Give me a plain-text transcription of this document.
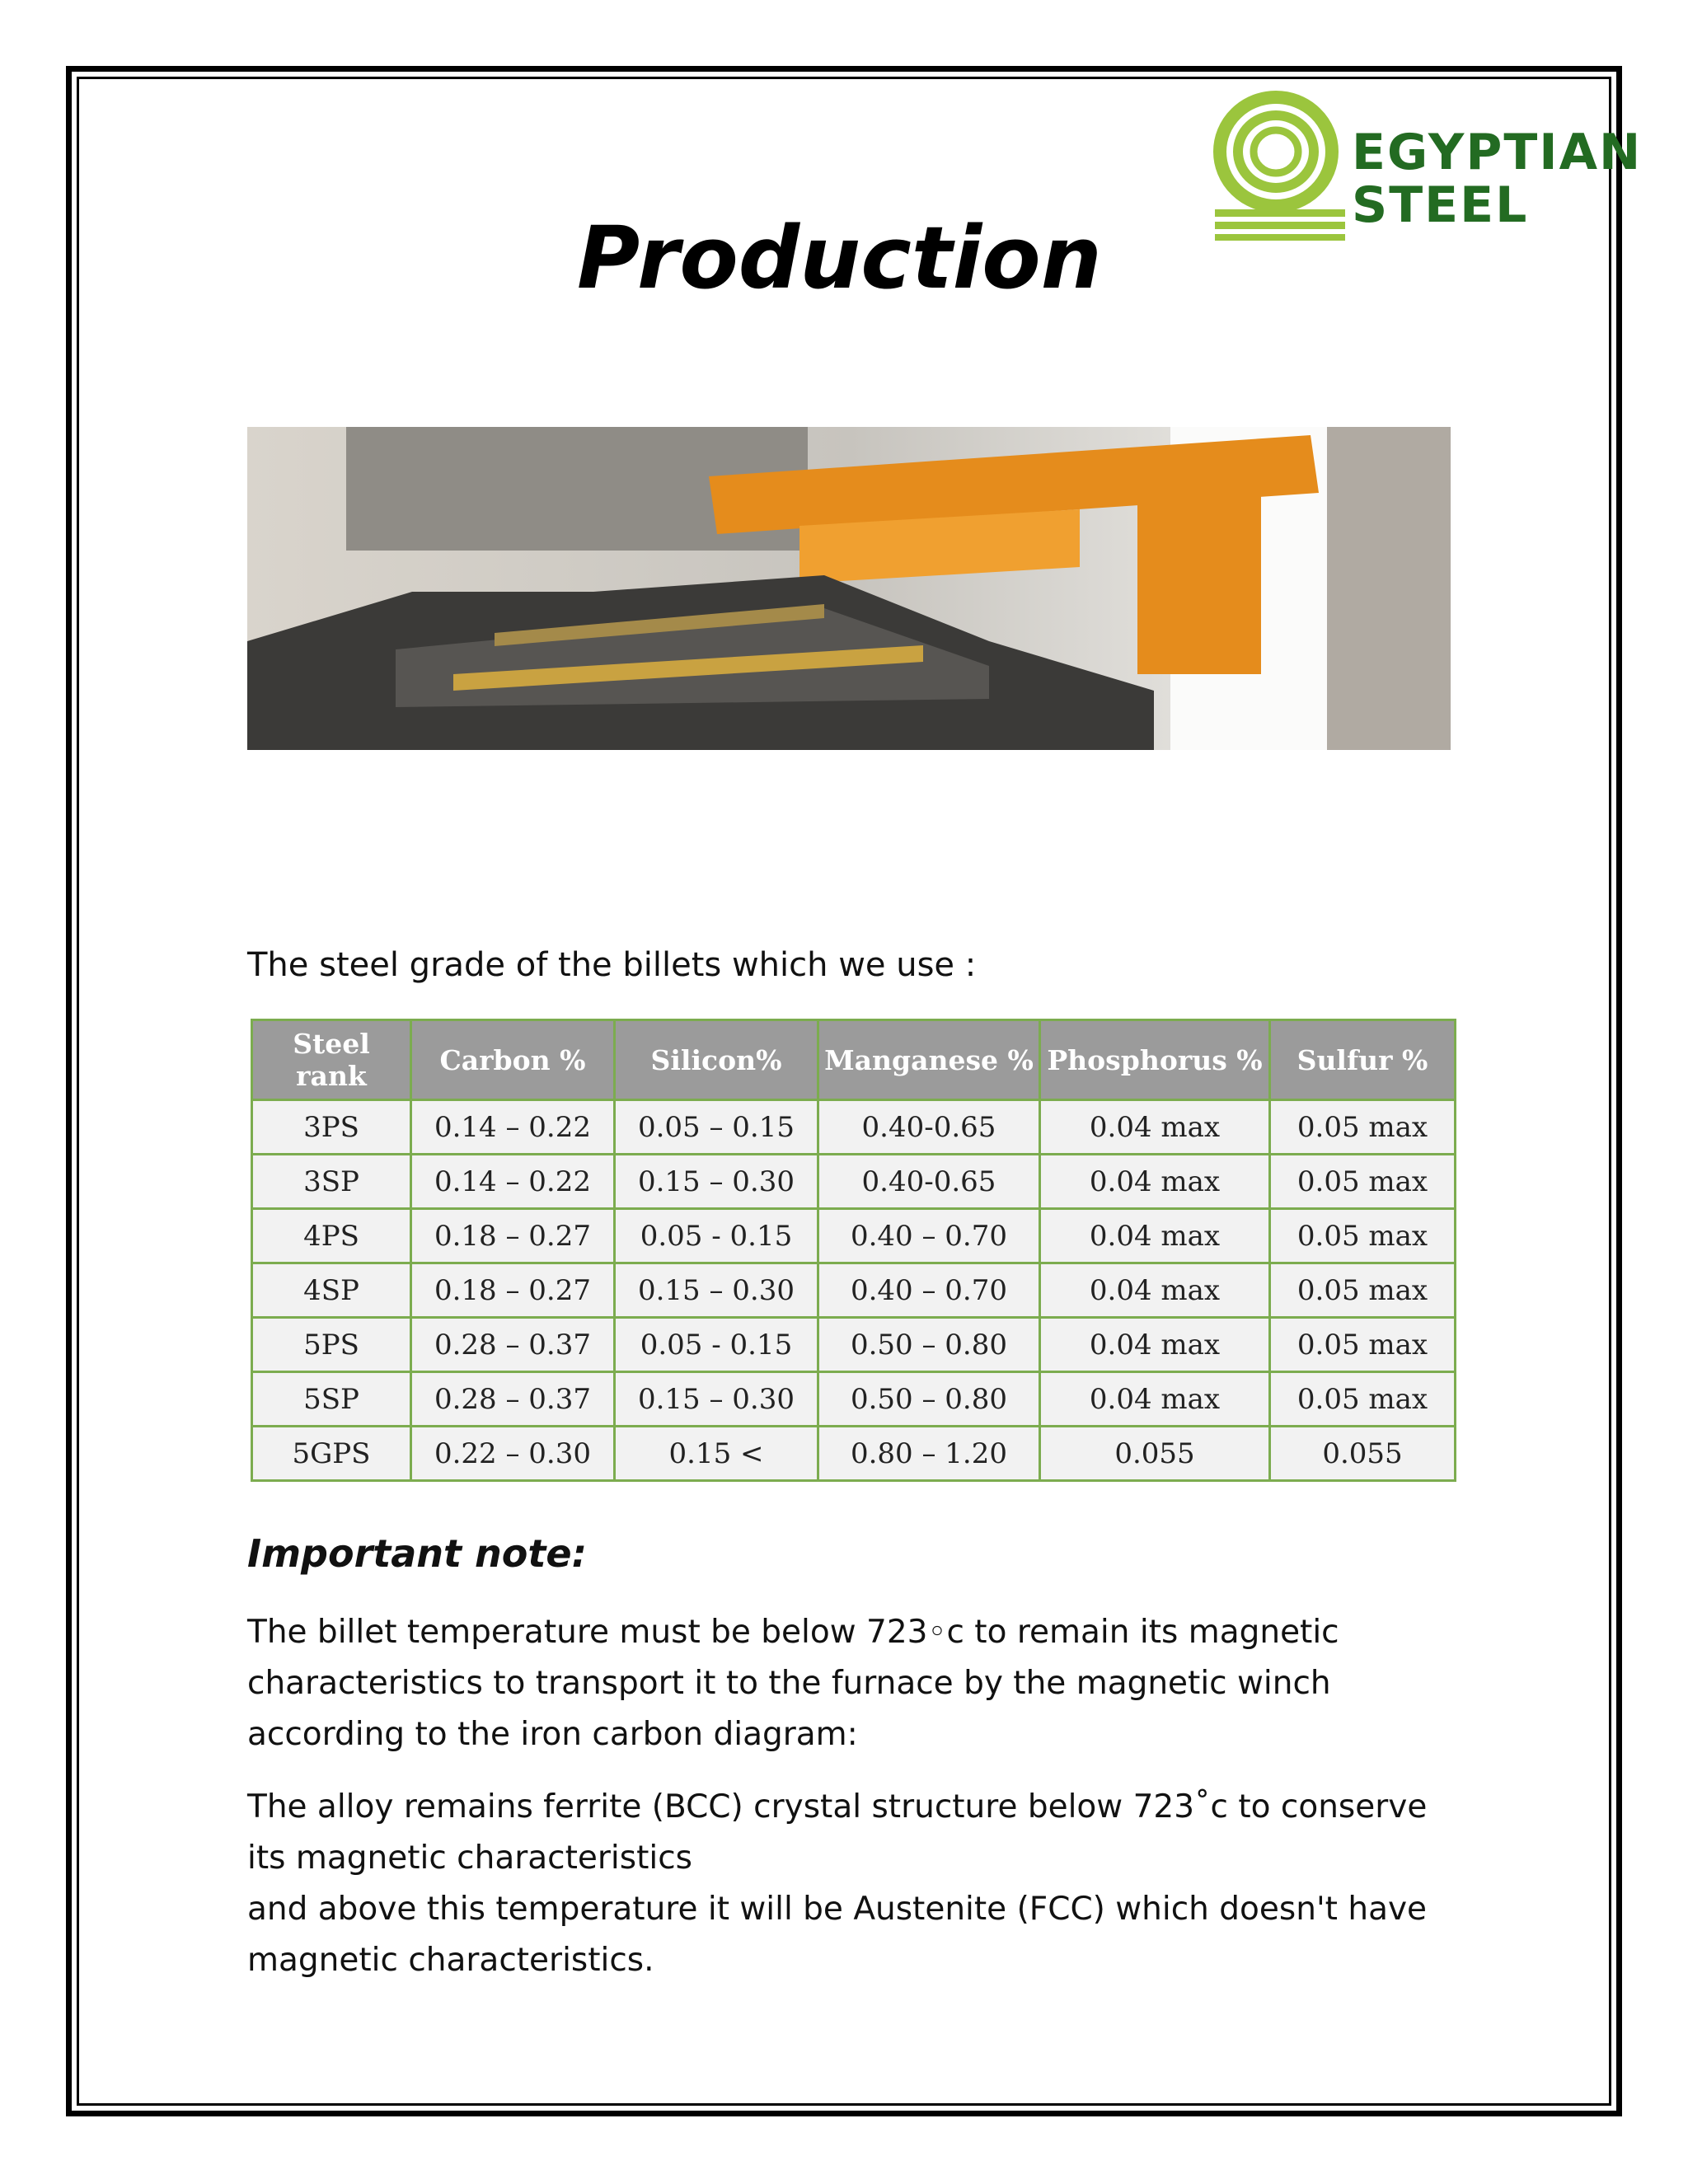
EGYPTIAN
STEEL
Production

The steel grade of the billets which we use :

Steel rank	Carbon %	Silicon%	Manganese %	Phosphorus %	Sulfur %
3PS	0.14 – 0.22	0.05 – 0.15	0.40-0.65	0.04 max	0.05 max
3SP	0.14 – 0.22	0.15 – 0.30	0.40-0.65	0.04 max	0.05 max
4PS	0.18 – 0.27	0.05 - 0.15	0.40 – 0.70	0.04 max	0.05 max
4SP	0.18 – 0.27	0.15 – 0.30	0.40 – 0.70	0.04 max	0.05 max
5PS	0.28 – 0.37	0.05 - 0.15	0.50 – 0.80	0.04 max	0.05 max
5SP	0.28 – 0.37	0.15 – 0.30	0.50 – 0.80	0.04 max	0.05 max
5GPS	0.22 – 0.30	0.15 <	0.80 – 1.20	0.055	0.055
Important note:

The billet temperature must be below 723◦c to remain its magnetic characteristics to transport it to the furnace by the magnetic winch according to the iron carbon diagram:

The alloy remains ferrite (BCC) crystal structure below 723˚c to conserve its magnetic characteristics
and above this temperature it will be Austenite (FCC) which doesn't have magnetic characteristics.
